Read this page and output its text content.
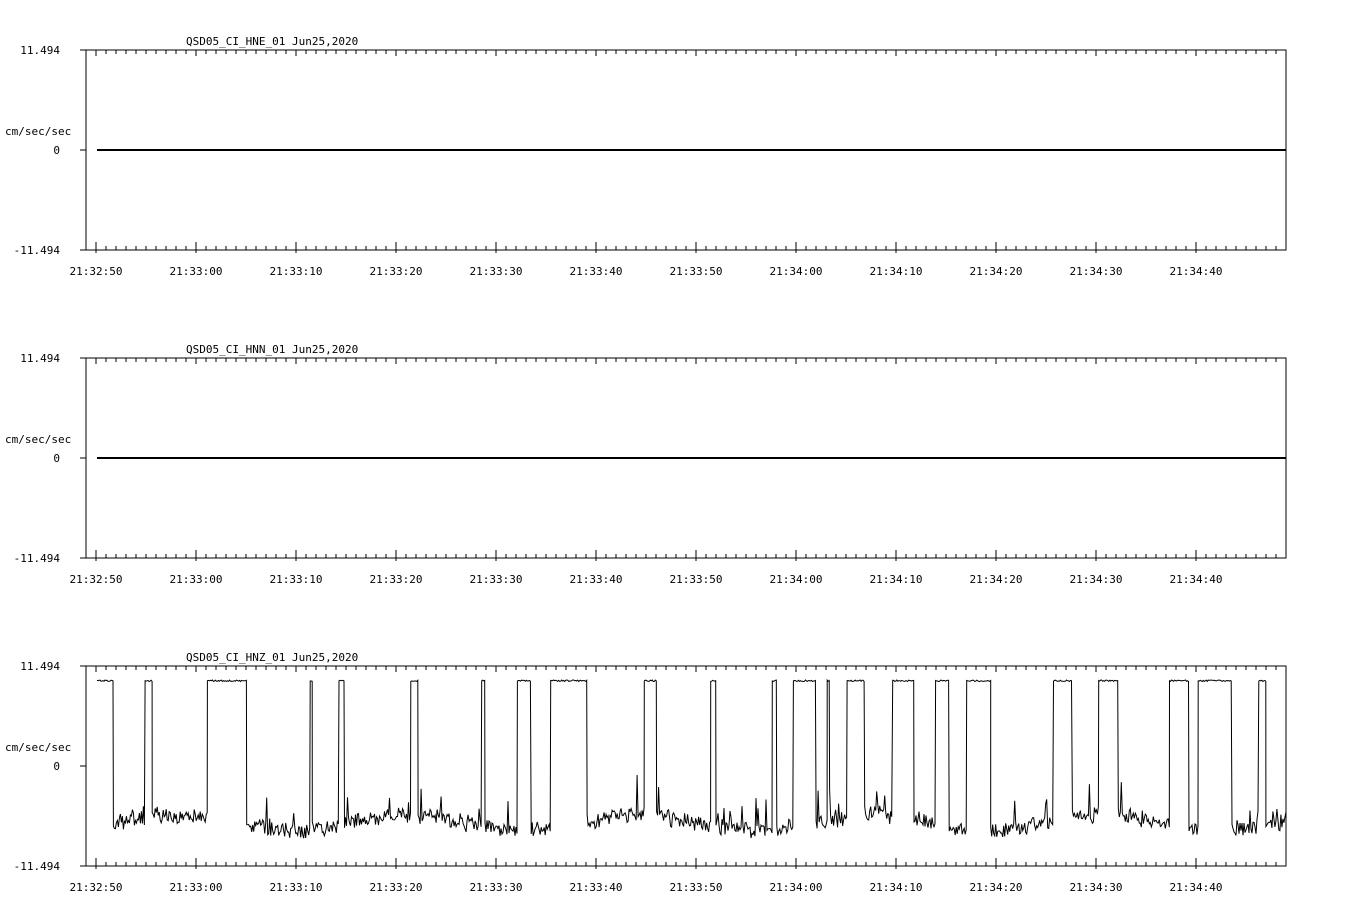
QSD05_CI_HNE_01 Jun25,2020
11.494
0
-11.494
cm/sec/sec
21:32:50	21:33:00	21:33:10	21:33:20	21:33:30	21:33:40	21:33:50	21:34:00	21:34:10	21:34:20	21:34:30	21:34:40
QSD05_CI_HNN_01 Jun25,2020
11.494
0
-11.494
cm/sec/sec
21:32:50	21:33:00	21:33:10	21:33:20	21:33:30	21:33:40	21:33:50	21:34:00	21:34:10	21:34:20	21:34:30	21:34:40
QSD05_CI_HNZ_01 Jun25,2020
11.494
0
-11.494
cm/sec/sec
21:32:50	21:33:00	21:33:10	21:33:20	21:33:30	21:33:40	21:33:50	21:34:00	21:34:10	21:34:20	21:34:30	21:34:40
